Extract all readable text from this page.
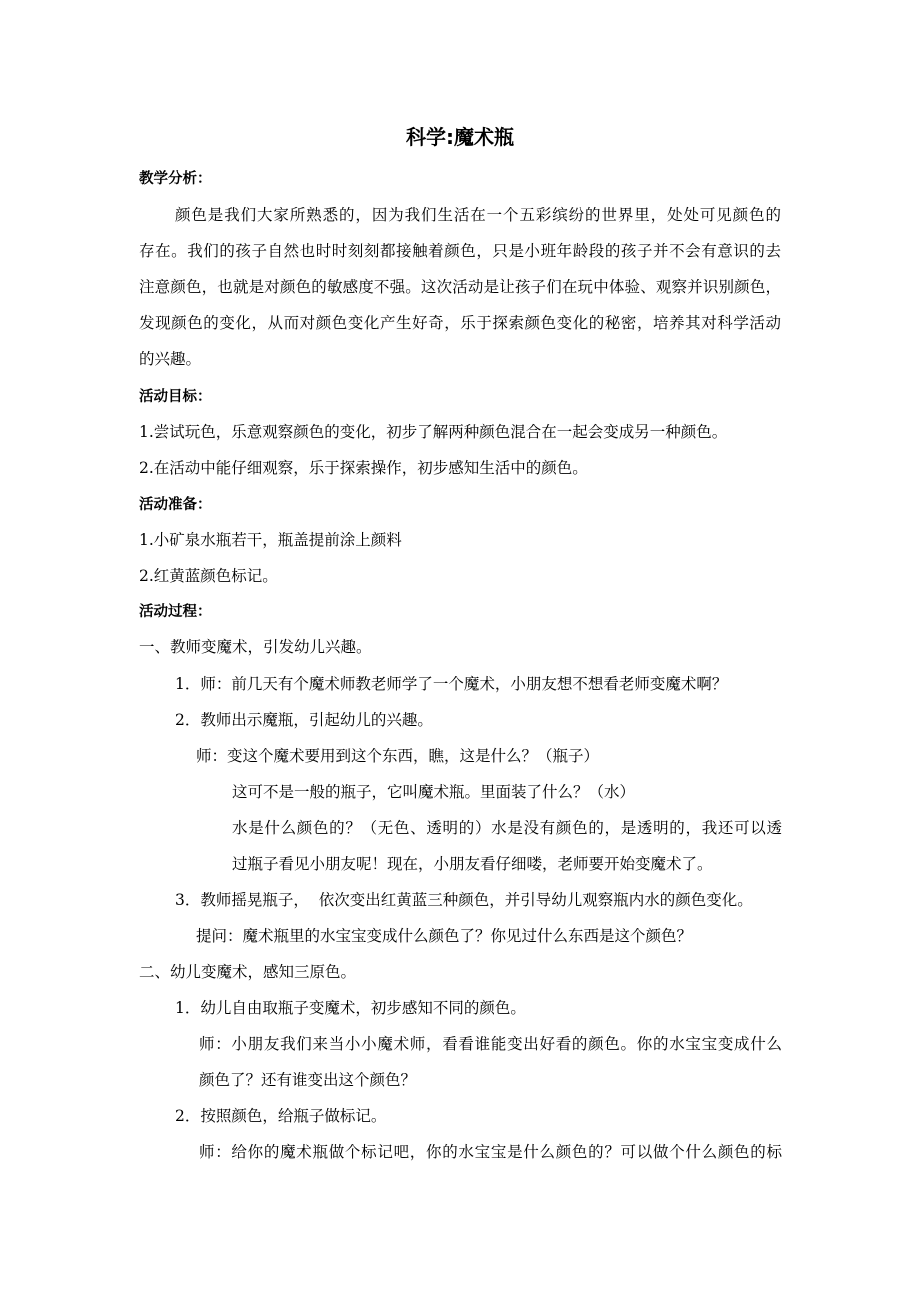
科学:魔术瓶
教学分析：
颜色是我们大家所熟悉的，因为我们生活在一个五彩缤纷的世界里，处处可见颜色的
存在。我们的孩子自然也时时刻刻都接触着颜色，只是小班年龄段的孩子并不会有意识的去
注意颜色，也就是对颜色的敏感度不强。这次活动是让孩子们在玩中体验、观察并识别颜色，
发现颜色的变化，从而对颜色变化产生好奇，乐于探索颜色变化的秘密，培养其对科学活动
的兴趣。
活动目标：
1.尝试玩色，乐意观察颜色的变化，初步了解两种颜色混合在一起会变成另一种颜色。
2.在活动中能仔细观察，乐于探索操作，初步感知生活中的颜色。
活动准备：
1.小矿泉水瓶若干，瓶盖提前涂上颜料
2.红黄蓝颜色标记。
活动过程：
一、教师变魔术，引发幼儿兴趣。
1．师：前几天有个魔术师教老师学了一个魔术，小朋友想不想看老师变魔术啊？
2．教师出示魔瓶，引起幼儿的兴趣。
师：变这个魔术要用到这个东西，瞧，这是什么？（瓶子）
这可不是一般的瓶子，它叫魔术瓶。里面装了什么？（水）
水是什么颜色的？（无色、透明的）水是没有颜色的，是透明的，我还可以透
过瓶子看见小朋友呢！现在，小朋友看仔细喽，老师要开始变魔术了。
3．教师摇晃瓶子，  依次变出红黄蓝三种颜色，并引导幼儿观察瓶内水的颜色变化。
提问：魔术瓶里的水宝宝变成什么颜色了？你见过什么东西是这个颜色？
二、幼儿变魔术，感知三原色。
1．幼儿自由取瓶子变魔术，初步感知不同的颜色。
师：小朋友我们来当小小魔术师，看看谁能变出好看的颜色。你的水宝宝变成什么
颜色了？还有谁变出这个颜色？
2．按照颜色，给瓶子做标记。
师：给你的魔术瓶做个标记吧，你的水宝宝是什么颜色的？可以做个什么颜色的标
